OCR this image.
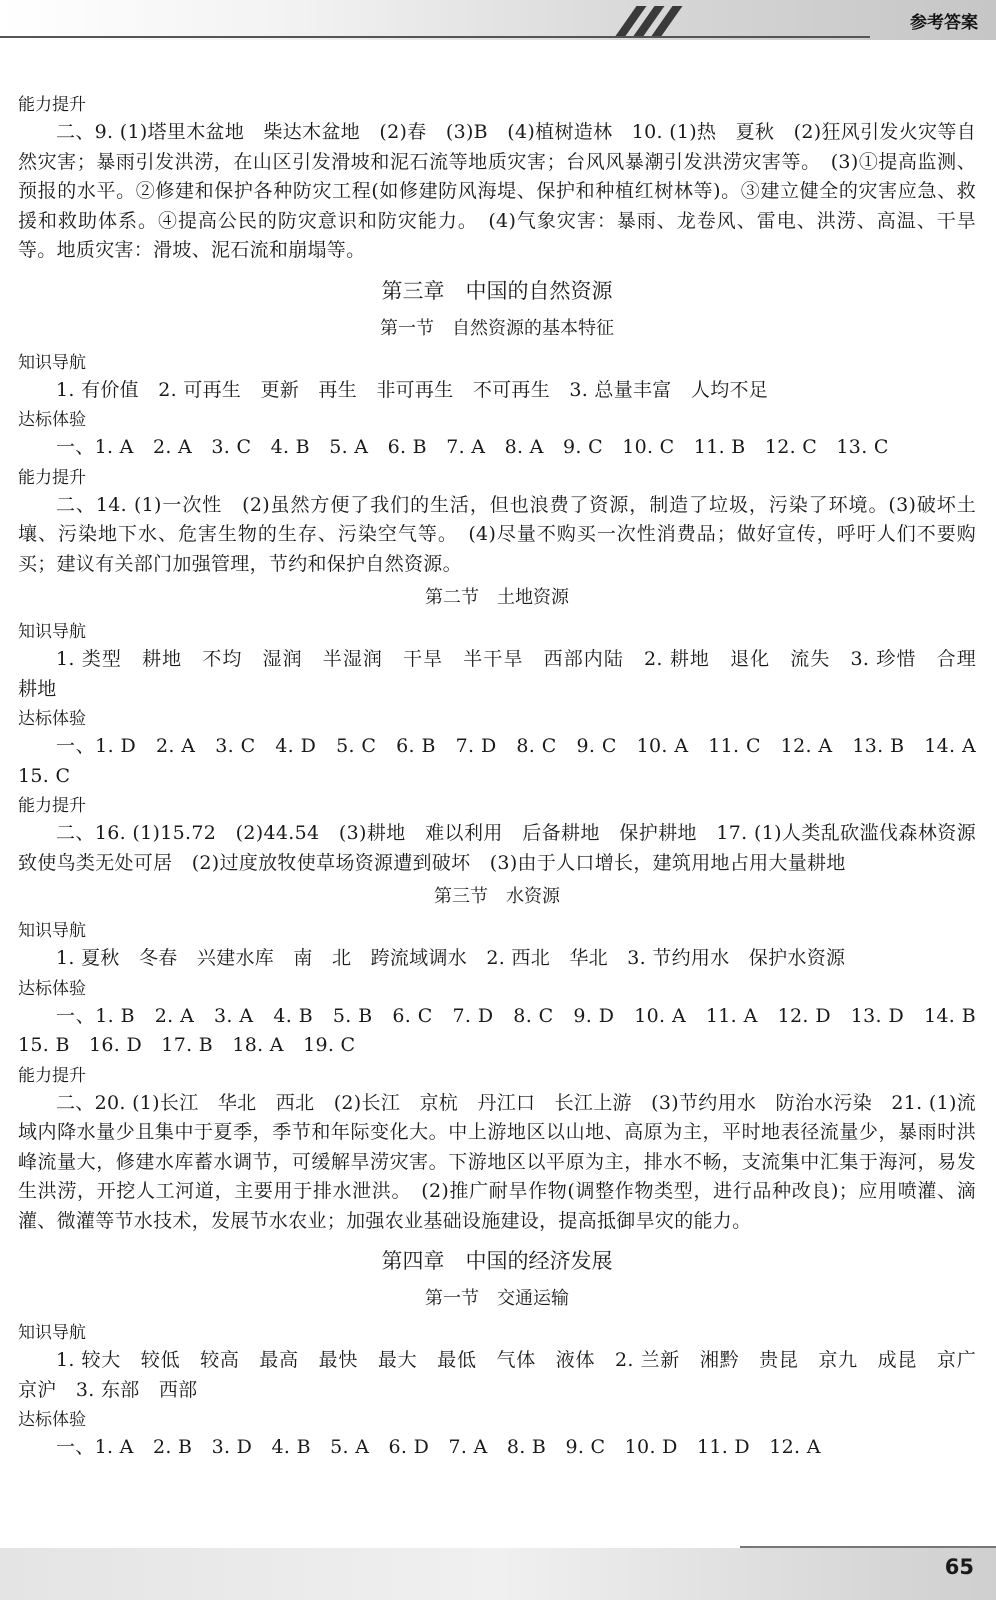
参考答案
能力提升
二、9. (1)塔里木盆地　柴达木盆地　(2)春　(3)B　(4)植树造林　10. (1)热　夏秋　(2)狂风引发火灾等自然灾害；暴雨引发洪涝，在山区引发滑坡和泥石流等地质灾害；台风风暴潮引发洪涝灾害等。　(3)①提高监测、预报的水平。②修建和保护各种防灾工程(如修建防风海堤、保护和种植红树林等)。③建立健全的灾害应急、救援和救助体系。④提高公民的防灾意识和防灾能力。　(4)气象灾害：暴雨、龙卷风、雷电、洪涝、高温、干旱等。地质灾害：滑坡、泥石流和崩塌等。
第三章　中国的自然资源
第一节　自然资源的基本特征
知识导航
1. 有价值　2. 可再生　更新　再生　非可再生　不可再生　3. 总量丰富　人均不足
达标体验
一、1. A　2. A　3. C　4. B　5. A　6. B　7. A　8. A　9. C　10. C　11. B　12. C　13. C
能力提升
二、14. (1)一次性　(2)虽然方便了我们的生活，但也浪费了资源，制造了垃圾，污染了环境。(3)破坏土壤、污染地下水、危害生物的生存、污染空气等。　(4)尽量不购买一次性消费品；做好宣传，呼吁人们不要购买；建议有关部门加强管理，节约和保护自然资源。
第二节　土地资源
知识导航
1. 类型　耕地　不均　湿润　半湿润　干旱　半干旱　西部内陆　2. 耕地　退化　流失　3. 珍惜　合理　耕地
达标体验
一、1. D　2. A　3. C　4. D　5. C　6. B　7. D　8. C　9. C　10. A　11. C　12. A　13. B　14. A　15. C
能力提升
二、16. (1)15.72　(2)44.54　(3)耕地　难以利用　后备耕地　保护耕地　17. (1)人类乱砍滥伐森林资源致使鸟类无处可居　(2)过度放牧使草场资源遭到破坏　(3)由于人口增长，建筑用地占用大量耕地
第三节　水资源
知识导航
1. 夏秋　冬春　兴建水库　南　北　跨流域调水　2. 西北　华北　3. 节约用水　保护水资源
达标体验
一、1. B　2. A　3. A　4. B　5. B　6. C　7. D　8. C　9. D　10. A　11. A　12. D　13. D　14. B　15. B　16. D　17. B　18. A　19. C
能力提升
二、20. (1)长江　华北　西北　(2)长江　京杭　丹江口　长江上游　(3)节约用水　防治水污染　21. (1)流域内降水量少且集中于夏季，季节和年际变化大。中上游地区以山地、高原为主，平时地表径流量少，暴雨时洪峰流量大，修建水库蓄水调节，可缓解旱涝灾害。下游地区以平原为主，排水不畅，支流集中汇集于海河，易发生洪涝，开挖人工河道，主要用于排水泄洪。　(2)推广耐旱作物(调整作物类型，进行品种改良)；应用喷灌、滴灌、微灌等节水技术，发展节水农业；加强农业基础设施建设，提高抵御旱灾的能力。
第四章　中国的经济发展
第一节　交通运输
知识导航
1. 较大　较低　较高　最高　最快　最大　最低　气体　液体　2. 兰新　湘黔　贵昆　京九　成昆　京广　京沪　3. 东部　西部
达标体验
一、1. A　2. B　3. D　4. B　5. A　6. D　7. A　8. B　9. C　10. D　11. D　12. A
65
